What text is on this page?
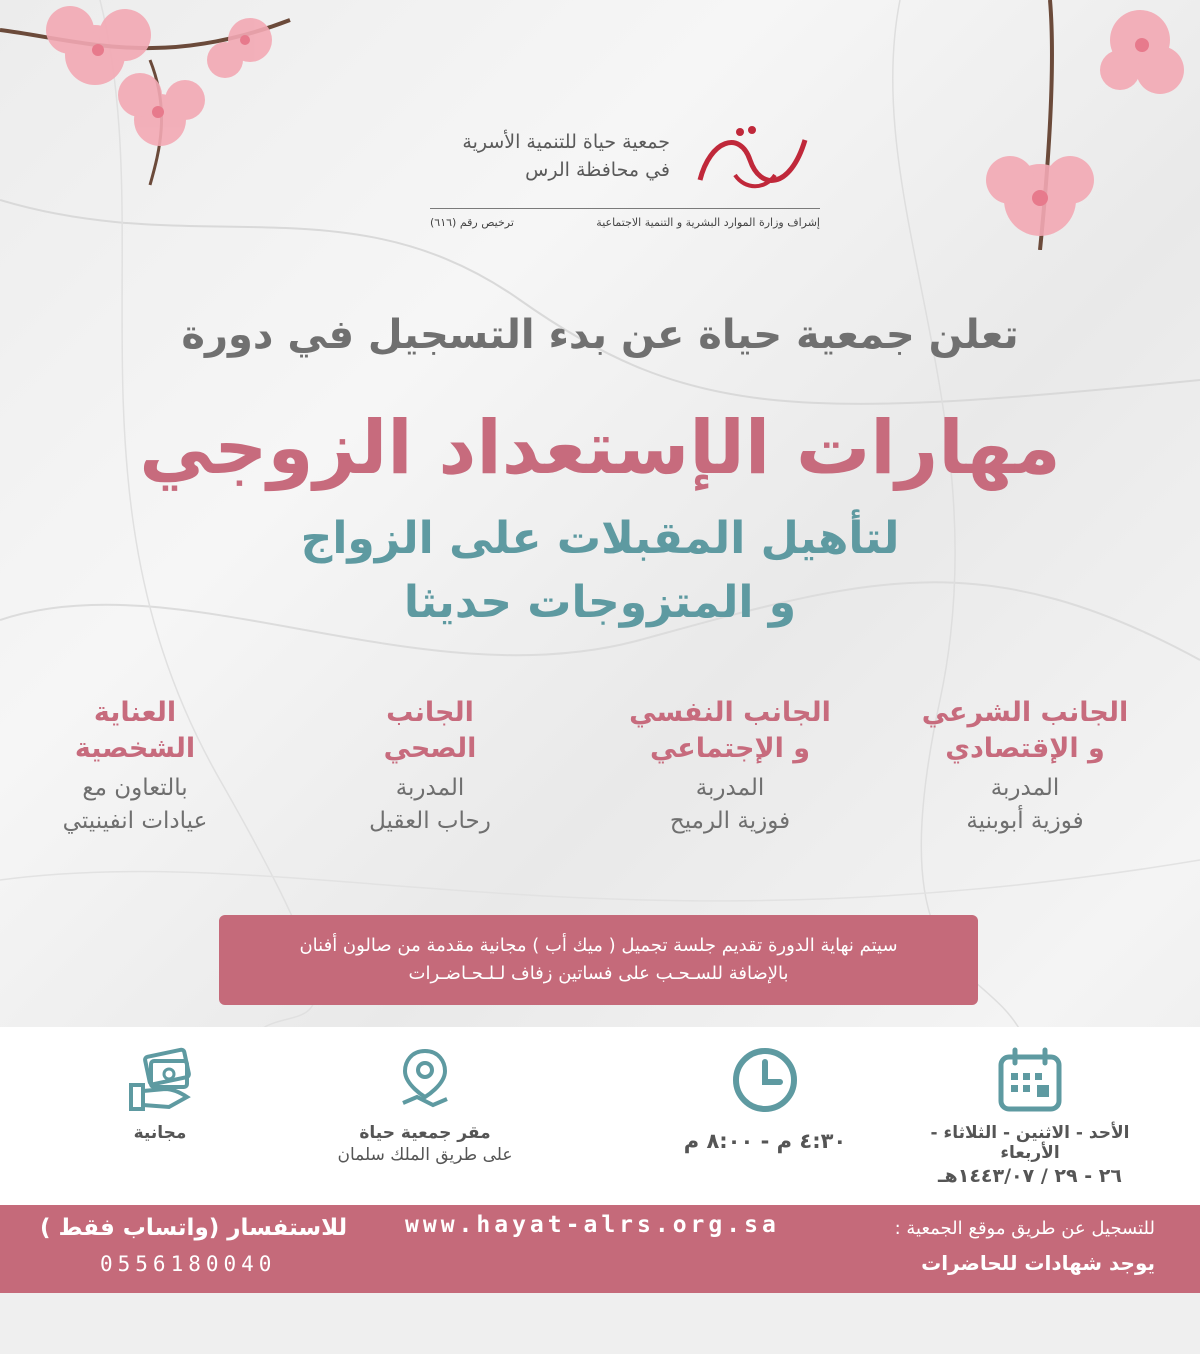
جمعية حياة للتنمية الأسرية
في محافظة الرس
إشراف وزارة الموارد البشرية و التنمية الاجتماعية
ترخيص رقم (٦١٦)
تعلن جمعية حياة عن بدء التسجيل في دورة
مهارات الإستعداد الزوجي
لتأهيل المقبلات على الزواج
و المتزوجات حديثا
الجانب الشرعي
و الإقتصادي
المدربة
فوزية أبوبنية
الجانب النفسي
و الإجتماعي
المدربة
فوزية الرميح
الجانب
الصحي
المدربة
رحاب العقيل
العناية
الشخصية
بالتعاون مع
عيادات انفينيتي
سيتم نهاية الدورة تقديم جلسة تجميل ( ميك أب ) مجانية مقدمة من صالون أفنان
بالإضافة للسـحـب على فساتين زفاف لـلـحـاضـرات
الأحد - الاثنين - الثلاثاء - الأربعاء
٢٦ - ٢٩ / ١٤٤٣/٠٧هـ
٤:٣٠ م - ٨:٠٠ م
مقر جمعية حياة
على طريق الملك سلمان
مجانية
للتسجيل عن طريق موقع الجمعية :
www.hayat-alrs.org.sa
يوجد شهادات للحاضرات
للاستفسار (واتساب فقط )
0556180040
